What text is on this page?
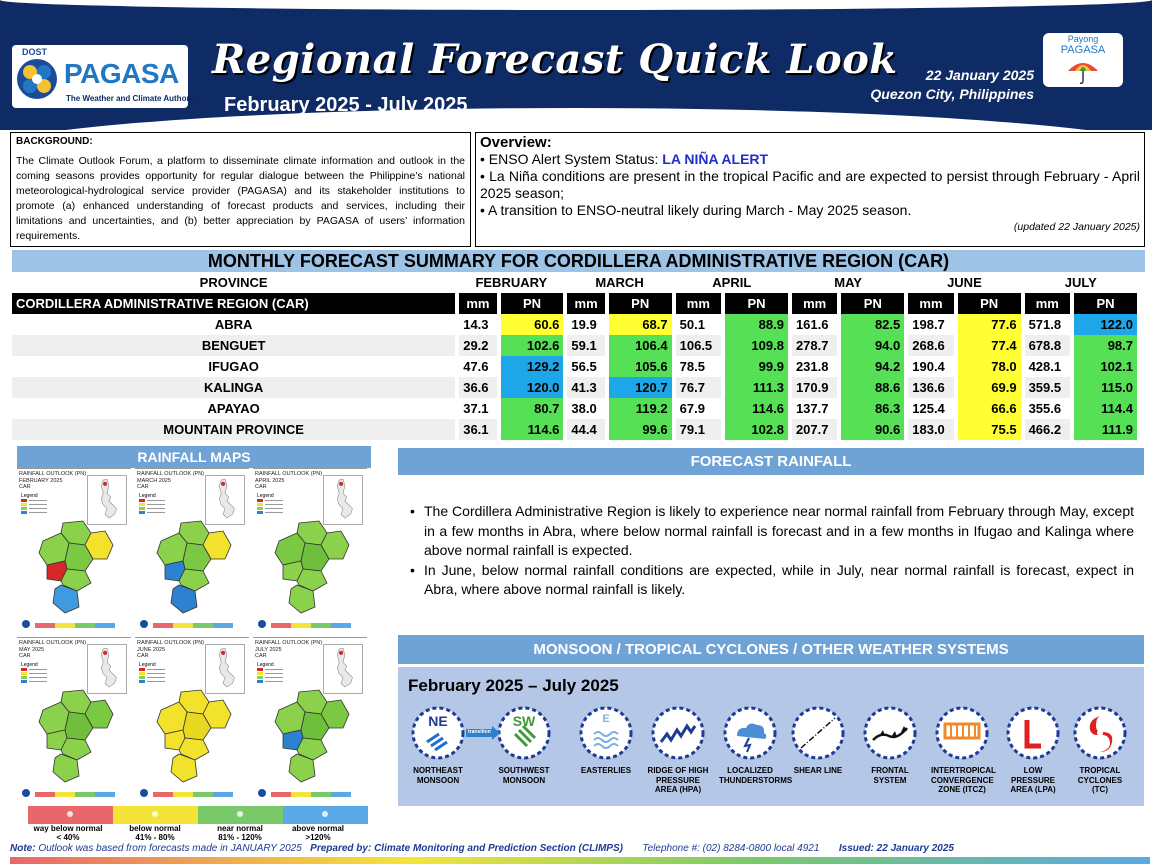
DOST
PAGASA
The Weather and Climate Authority
Regional Forecast Quick Look
February 2025 - July 2025
22 January 2025
Quezon City, Philippines
Payong
PAGASA
BACKGROUND:
The Climate Outlook Forum, a platform to disseminate climate information and outlook in the coming seasons provides opportunity for regular dialogue between the Philippine’s national meteorological-hydrological service provider (PAGASA) and its stakeholder institutions to promote (a) enhanced understanding of forecast products and services, including their limitations and uncertainties, and (b) better appreciation by PAGASA of users’ information requirements.
Overview:
• ENSO Alert System Status: LA NIÑA ALERT
• La Niña conditions are present in the tropical Pacific and are expected to persist through February - April 2025 season;
• A transition to ENSO-neutral likely during March - May 2025 season.
(updated 22 January 2025)
MONTHLY FORECAST SUMMARY FOR CORDILLERA ADMINISTRATIVE REGION (CAR)
PROVINCE	FEBRUARY		MARCH		APRIL		MAY		JUNE		JULY	
CORDILLERA ADMINISTRATIVE REGION (CAR)	mm	PN	mm	PN	mm	PN	mm	PN	mm	PN	mm	PN
ABRA	14.3	60.6	19.9	68.7	50.1	88.9	161.6	82.5	198.7	77.6	571.8	122.0
BENGUET	29.2	102.6	59.1	106.4	106.5	109.8	278.7	94.0	268.6	77.4	678.8	98.7
IFUGAO	47.6	129.2	56.5	105.6	78.5	99.9	231.8	94.2	190.4	78.0	428.1	102.1
KALINGA	36.6	120.0	41.3	120.7	76.7	111.3	170.9	88.6	136.6	69.9	359.5	115.0
APAYAO	37.1	80.7	38.0	119.2	67.9	114.6	137.7	86.3	125.4	66.6	355.6	114.4
MOUNTAIN PROVINCE	36.1	114.6	44.4	99.6	79.1	102.8	207.7	90.6	183.0	75.5	466.2	111.9
RAINFALL MAPS
RAINFALL OUTLOOK (PN)
FEBRUARY 2025
CAR
Legend
RAINFALL OUTLOOK (PN)
MARCH 2025
CAR
Legend
RAINFALL OUTLOOK (PN)
APRIL 2025
CAR
Legend
RAINFALL OUTLOOK (PN)
MAY 2025
CAR
Legend
RAINFALL OUTLOOK (PN)
JUNE 2025
CAR
Legend
RAINFALL OUTLOOK (PN)
JULY 2025
CAR
Legend
way below normal
< 40%
below normal
41% - 80%
near normal
81% - 120%
above normal
>120%
FORECAST RAINFALL
• The Cordillera Administrative Region is likely to experience near normal rainfall from February through May, except in a few months in Abra, where below normal rainfall is forecast and in a few months in Ifugao and Kalinga where above normal rainfall is expected.
• In June, below normal rainfall conditions are expected, while in July, near normal rainfall is forecast, expect in Abra, where above normal rainfall is likely.
MONSOON / TROPICAL CYCLONES / OTHER WEATHER SYSTEMS
February 2025 – July 2025
NE
NORTHEAST MONSOON
SW
SOUTHWEST MONSOON
E
EASTERLIES	RIDGE OF HIGH PRESSURE AREA (HPA)
LOCALIZED THUNDERSTORMS
SHEAR LINE	FRONTAL SYSTEM
INTERTROPICAL CONVERGENCE ZONE (ITCZ)
LOW PRESSURE AREA (LPA)
TROPICAL CYCLONES (TC)
transition
Note: Outlook was based from forecasts made in JANUARY 2025 Prepared by: Climate Monitoring and Prediction Section (CLIMPS) Telephone #: (02) 8284-0800 local 4921 Issued: 22 January 2025
